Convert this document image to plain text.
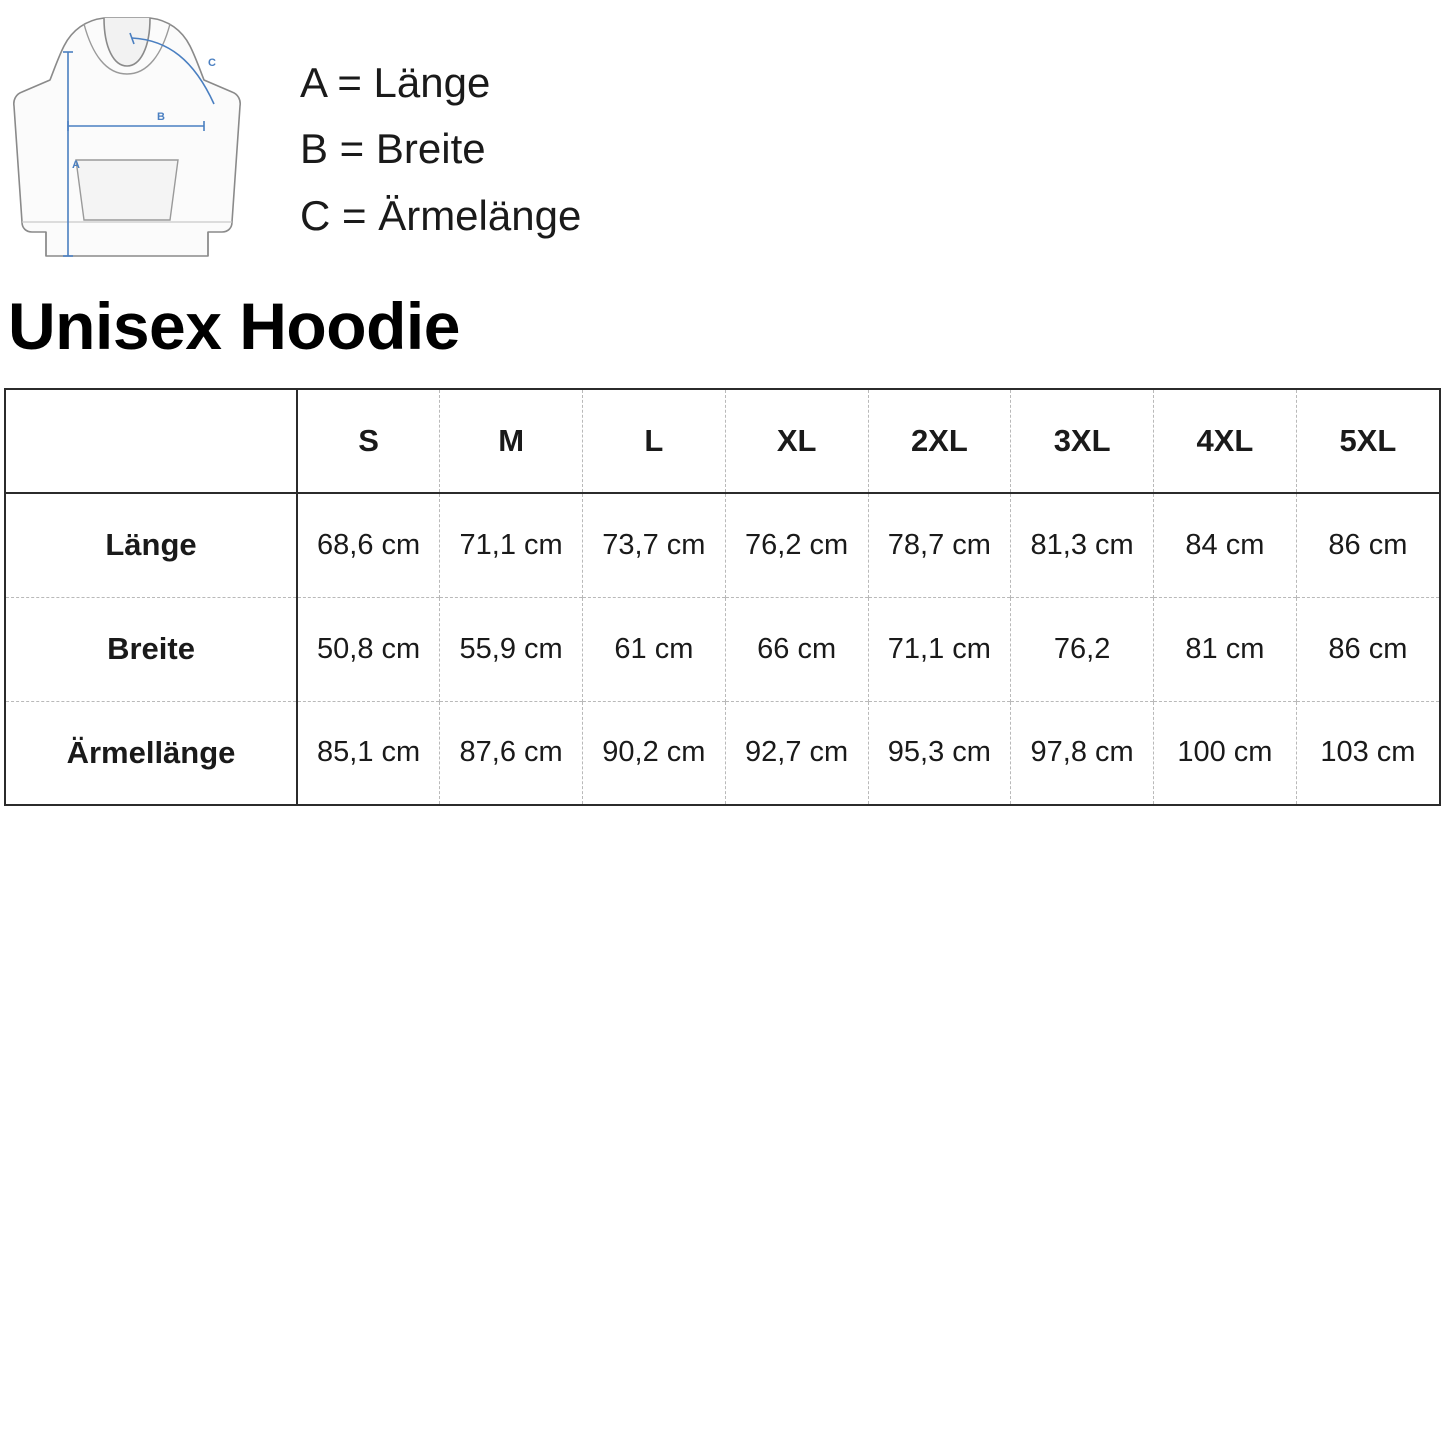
A
B
C A = Länge
B = Breite
C = Ärmelänge
Unisex Hoodie
	S	M	L	XL	2XL	3XL	4XL	5XL
Länge	68,6 cm	71,1 cm	73,7 cm	76,2 cm	78,7 cm	81,3 cm	84 cm	86 cm
Breite	50,8 cm	55,9 cm	61 cm	66 cm	71,1 cm	76,2	81 cm	86 cm
Ärmellänge	85,1 cm	87,6 cm	90,2 cm	92,7 cm	95,3 cm	97,8 cm	100 cm	103 cm
